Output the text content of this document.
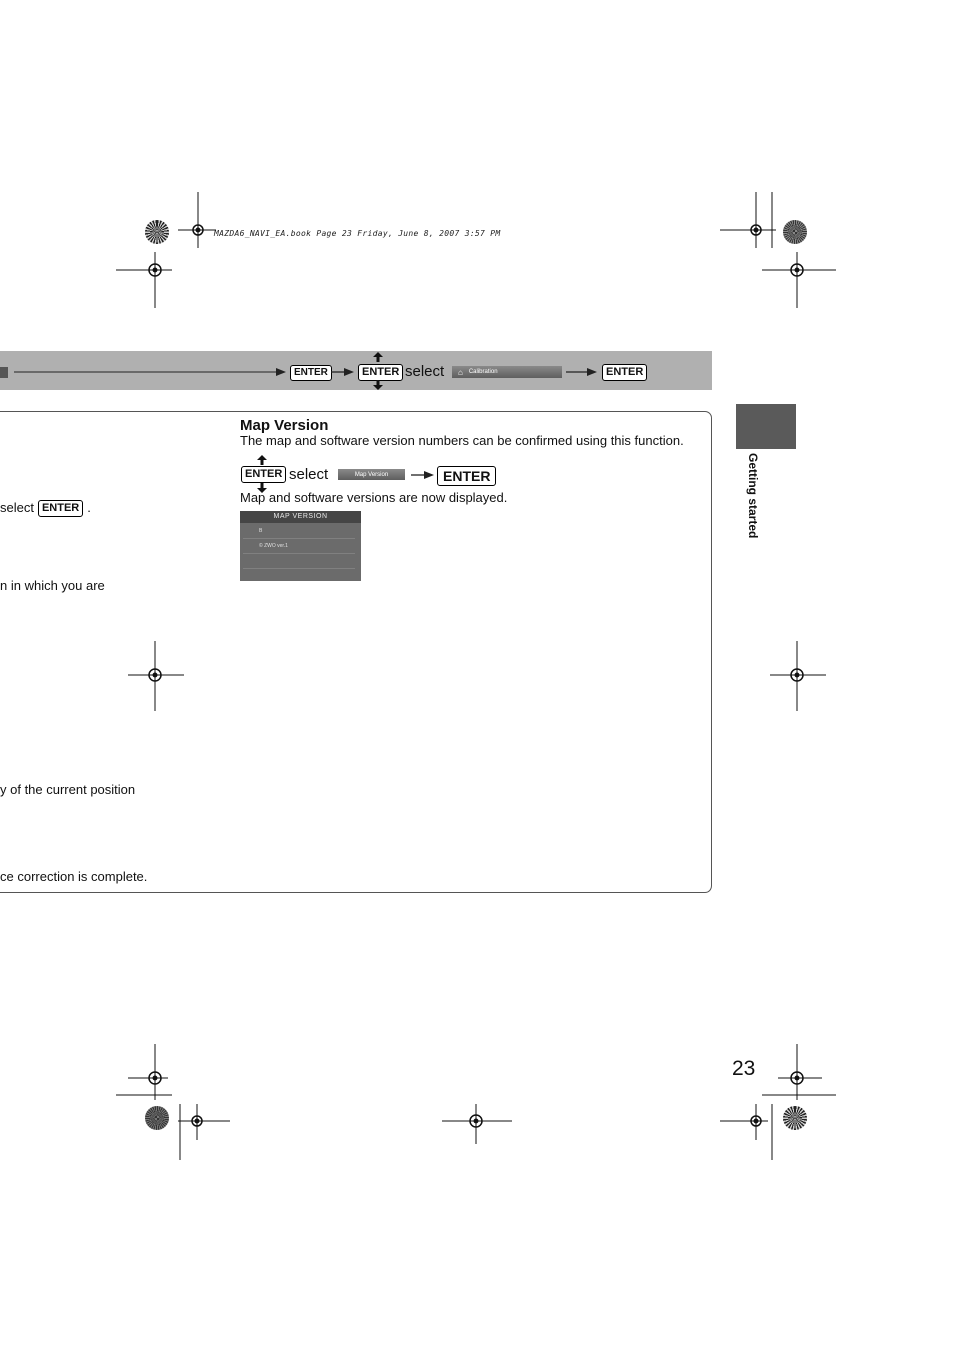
MAZDA6_NAVI_EA.book Page 23 Friday, June 8, 2007 3:57 PM
ENTER	ENTER select ⌂ Calibration	ENTER
select ENTER .
n in which you are
y of the current position
ce correction is complete.
Map Version
The map and software version numbers can be confirmed using this function.
ENTER select	Map Version	ENTER
Map and software versions are now displayed.
MAP VERSION
B
© ZWO ver.1
Getting started
23
